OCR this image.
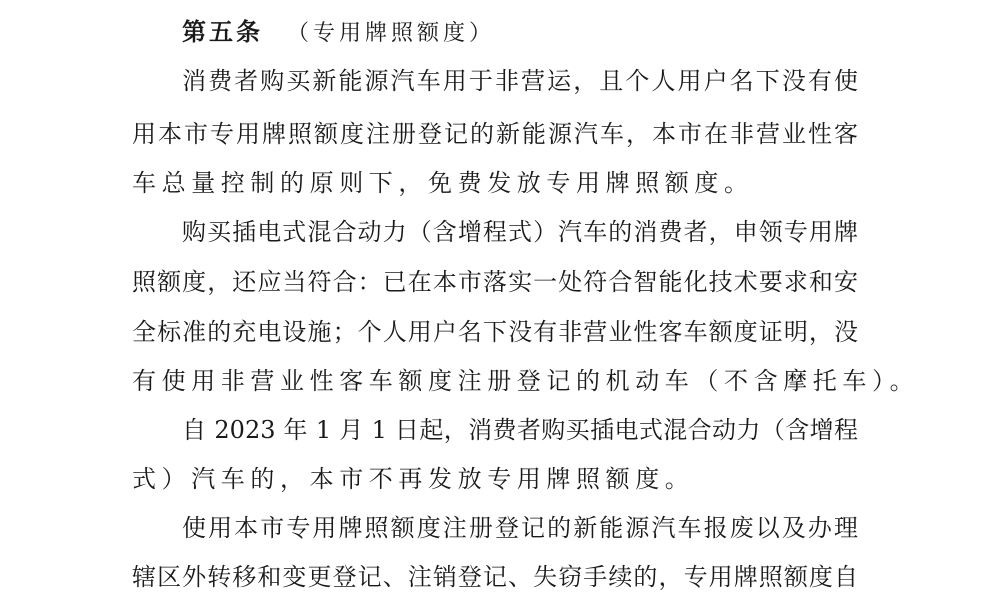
第五条 （专用牌照额度）
消费者购买新能源汽车用于非营运，且个人用户名下没有使
用本市专用牌照额度注册登记的新能源汽车，本市在非营业性客
车总量控制的原则下，免费发放专用牌照额度。
购买插电式混合动力（含增程式）汽车的消费者，申领专用牌
照额度，还应当符合：已在本市落实一处符合智能化技术要求和安
全标准的充电设施；个人用户名下没有非营业性客车额度证明，没
有使用非营业性客车额度注册登记的机动车（不含摩托车）。
自 2023 年 1 月 1 日起，消费者购买插电式混合动力（含增程
式）汽车的，本市不再发放专用牌照额度。
使用本市专用牌照额度注册登记的新能源汽车报废以及办理
辖区外转移和变更登记、注销登记、失窃手续的，专用牌照额度自
